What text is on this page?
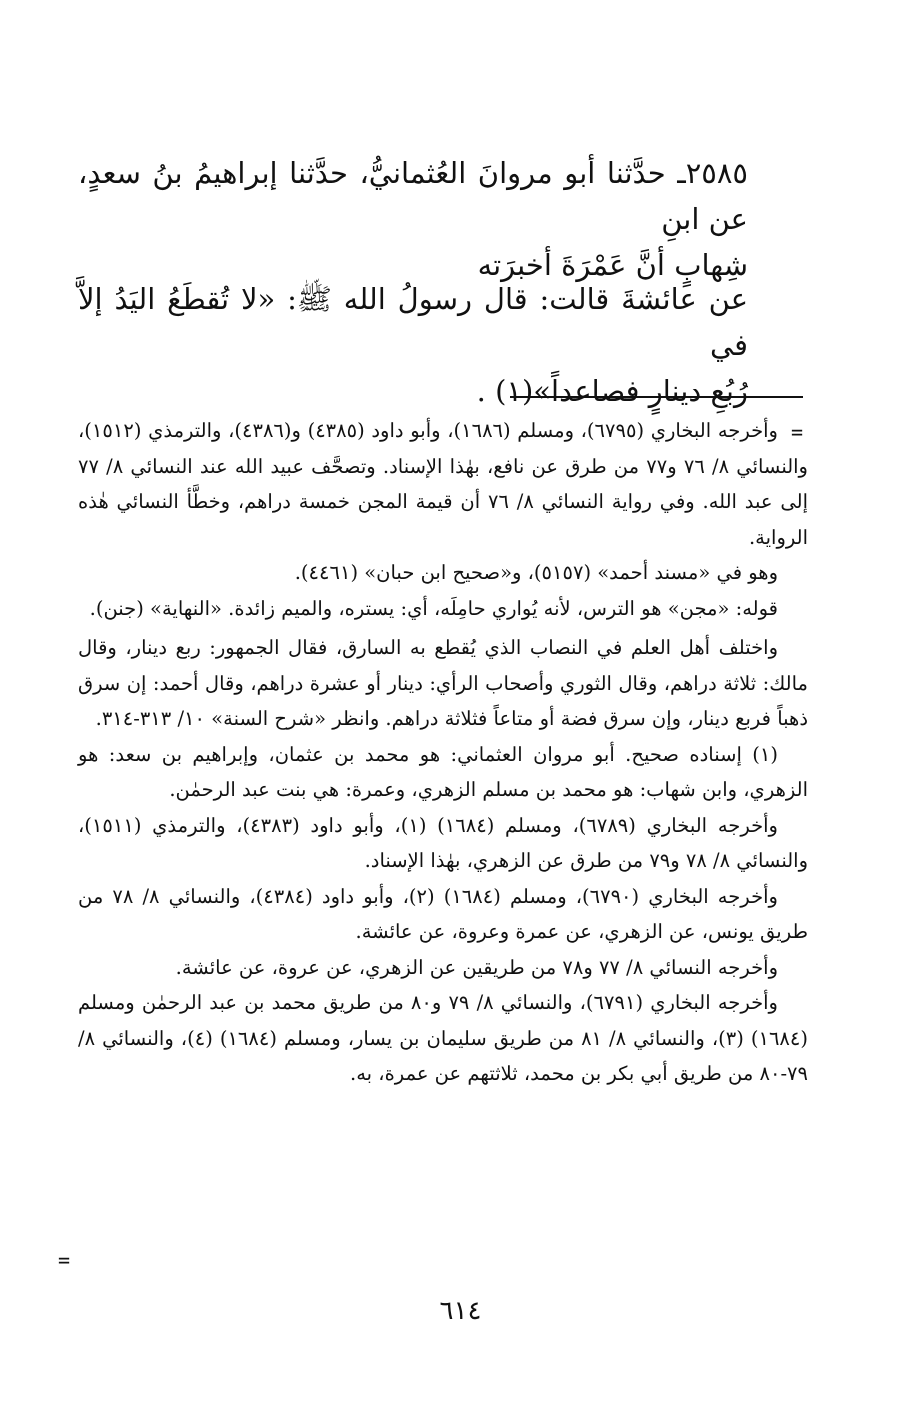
٢٥٨٥ـ حدَّثنا أبو مروانَ العُثمانيُّ، حدَّثنا إبراهيمُ بنُ سعدٍ، عن ابنِ

شِهابٍ أنَّ عَمْرَةَ أخبرَته

عن عائشةَ قالت: قال رسولُ الله ﷺ: «لا تُقطَعُ اليَدُ إلاَّ في

رُبُعِ دينارٍ فصاعداً»(١) .

=

وأخرجه البخاري (٦٧٩٥)، ومسلم (١٦٨٦)، وأبو داود (٤٣٨٥) و(٤٣٨٦)، والترمذي (١٥١٢)، والنسائي ٨/ ٧٦ و٧٧ من طرق عن نافع، بهٰذا الإسناد. وتصحَّف عبيد الله عند النسائي ٨/ ٧٧ إلى عبد الله. وفي رواية النسائي ٨/ ٧٦ أن قيمة المجن خمسة دراهم، وخطَّأ النسائي هٰذه الرواية.

وهو في «مسند أحمد» (٥١٥٧)، و«صحيح ابن حبان» (٤٤٦١).

قوله: «مجن» هو الترس، لأنه يُواري حامِلَه، أي: يستره، والميم زائدة. «النهاية» (جنن).

واختلف أهل العلم في النصاب الذي يُقطع به السارق، فقال الجمهور: ربع دينار، وقال مالك: ثلاثة دراهم، وقال الثوري وأصحاب الرأي: دينار أو عشرة دراهم، وقال أحمد: إن سرق ذهباً فربع دينار، وإن سرق فضة أو متاعاً فثلاثة دراهم. وانظر «شرح السنة» ١٠/ ٣١٣-٣١٤.

(١) إسناده صحيح. أبو مروان العثماني: هو محمد بن عثمان، وإبراهيم بن سعد: هو الزهري، وابن شهاب: هو محمد بن مسلم الزهري، وعمرة: هي بنت عبد الرحمٰن.

وأخرجه البخاري (٦٧٨٩)، ومسلم (١٦٨٤) (١)، وأبو داود (٤٣٨٣)، والترمذي (١٥١١)، والنسائي ٨/ ٧٨ و٧٩ من طرق عن الزهري، بهٰذا الإسناد.

وأخرجه البخاري (٦٧٩٠)، ومسلم (١٦٨٤) (٢)، وأبو داود (٤٣٨٤)، والنسائي ٨/ ٧٨ من طريق يونس، عن الزهري، عن عمرة وعروة، عن عائشة.

وأخرجه النسائي ٨/ ٧٧ و٧٨ من طريقين عن الزهري، عن عروة، عن عائشة.

وأخرجه البخاري (٦٧٩١)، والنسائي ٨/ ٧٩ و٨٠ من طريق محمد بن عبد الرحمٰن ومسلم (١٦٨٤) (٣)، والنسائي ٨/ ٨١ من طريق سليمان بن يسار، ومسلم (١٦٨٤) (٤)، والنسائي ٨/ ٧٩-٨٠ من طريق أبي بكر بن محمد، ثلاثتهم عن عمرة، به.

=
٦١٤
